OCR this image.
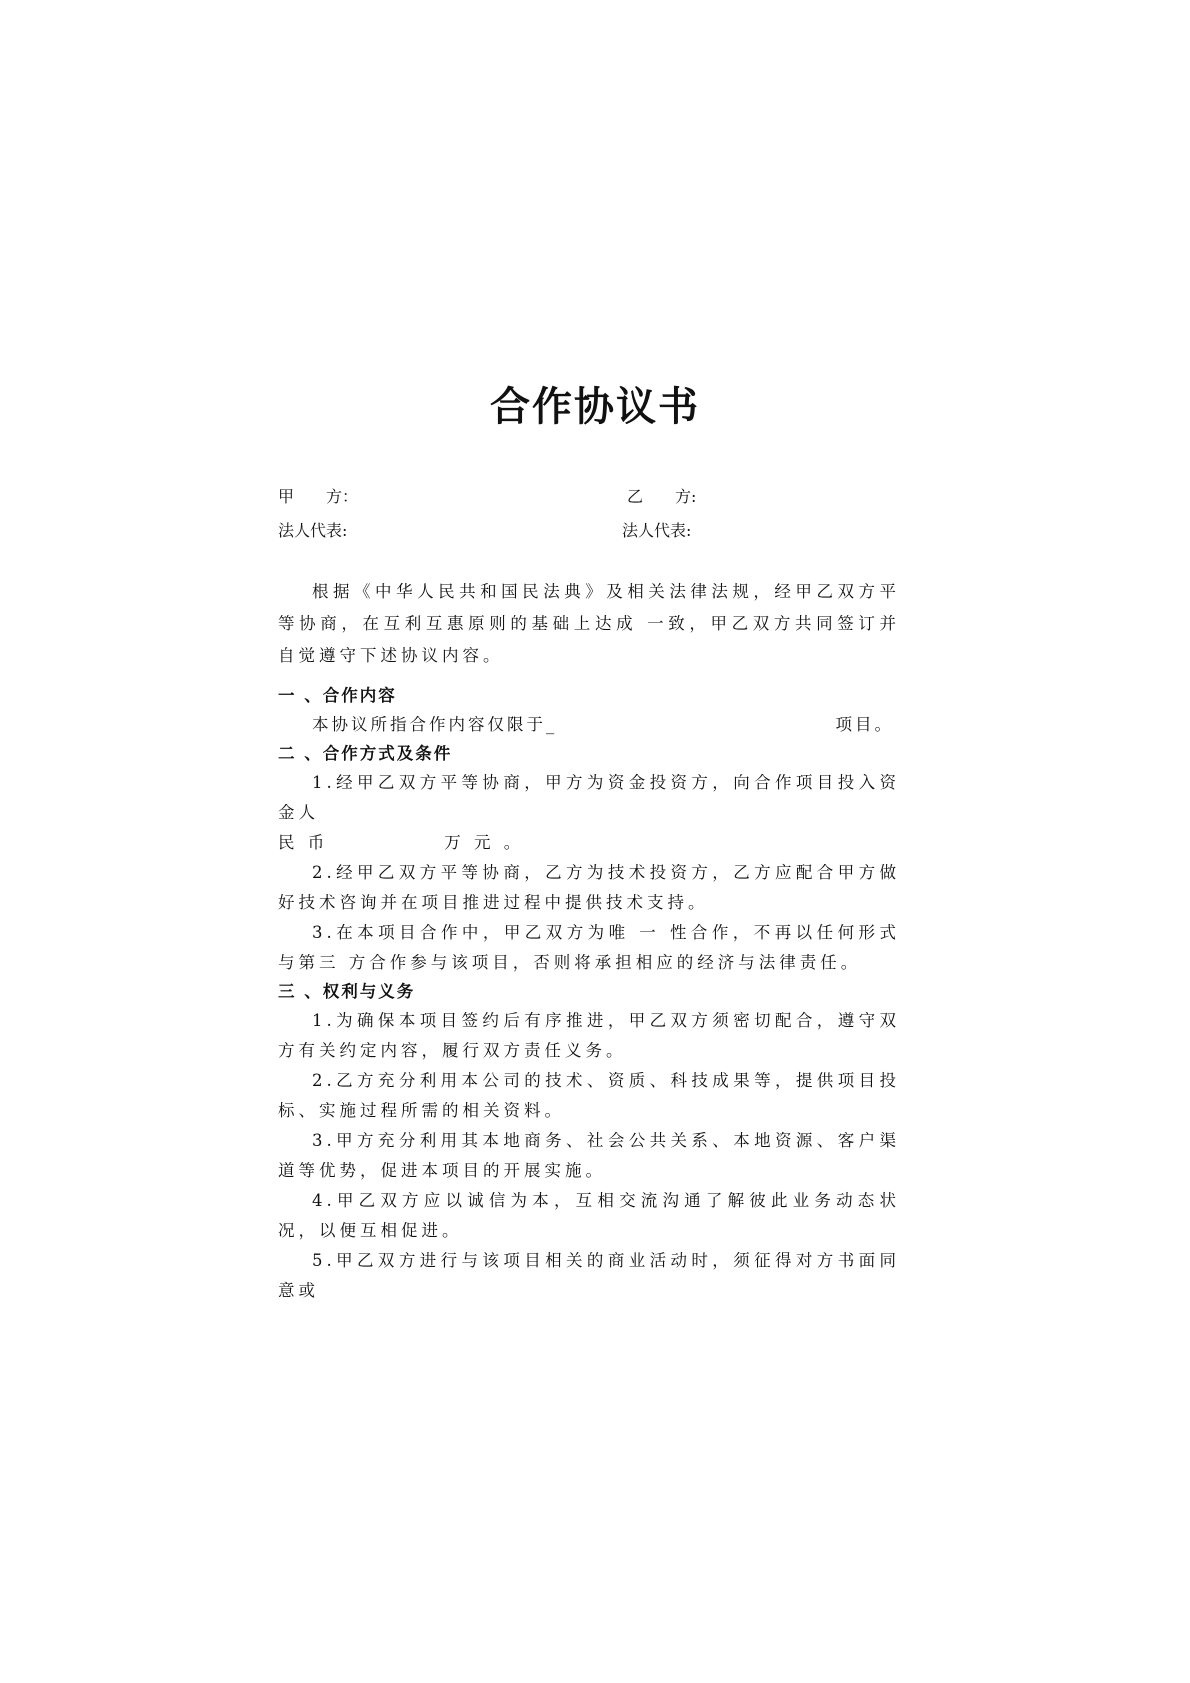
合作协议书
甲　　方：	乙　　方:
法人代表:	法人代表:

根据《中华人民共和国民法典》及相关法律法规，经甲乙双方平等协商，在互利互惠原则的基础上达成 一致，甲乙双方共同签订并自觉遵守下述协议内容。

一 、合作内容

本协议所指合作内容仅限于_	项目。

二 、合作方式及条件

1.经甲乙双方平等协商，甲方为资金投资方，向合作项目投入资金人

民 币	万 元 。

2.经甲乙双方平等协商，乙方为技术投资方，乙方应配合甲方做好技术咨询并在项目推进过程中提供技术支持。

3.在本项目合作中，甲乙双方为唯 一 性合作，不再以任何形式与第三 方合作参与该项目，否则将承担相应的经济与法律责任。

三 、权利与义务

1.为确保本项目签约后有序推进，甲乙双方须密切配合，遵守双方有关约定内容，履行双方责任义务。

2.乙方充分利用本公司的技术、资质、科技成果等，提供项目投标、实施过程所需的相关资料。

3.甲方充分利用其本地商务、社会公共关系、本地资源、客户渠道等优势，促进本项目的开展实施。

4.甲乙双方应以诚信为本，互相交流沟通了解彼此业务动态状况，以便互相促进。

5.甲乙双方进行与该项目相关的商业活动时，须征得对方书面同意或
